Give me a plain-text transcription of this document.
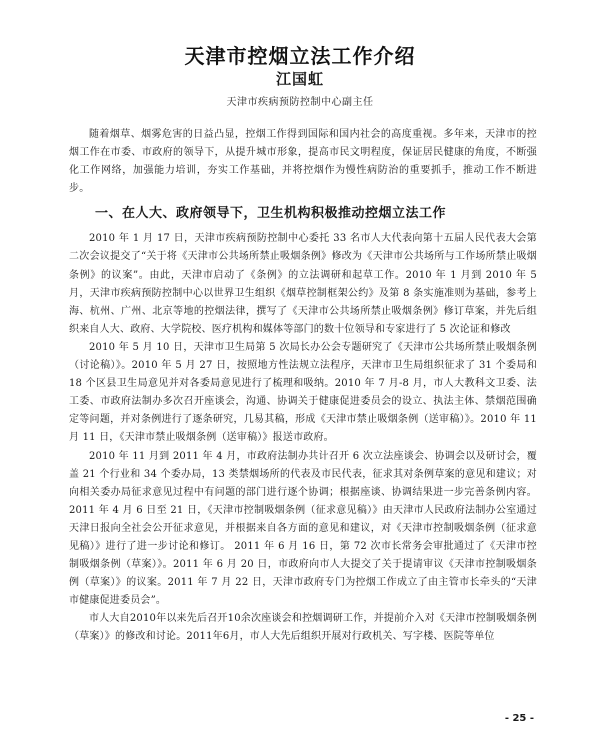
天津市控烟立法工作介绍
江国虹
天津市疾病预防控制中心副主任

随着烟草、烟雾危害的日益凸显，控烟工作得到国际和国内社会的高度重视。多年来，天津市的控烟工作在市委、市政府的领导下，从提升城市形象，提高市民文明程度，保证居民健康的角度，不断强化工作网络，加强能力培训，夯实工作基础，并将控烟作为慢性病防治的重要抓手，推动工作不断进步。

一、在人大、政府领导下，卫生机构积极推动控烟立法工作

2010 年 1 月 17 日，天津市疾病预防控制中心委托 33 名市人大代表向第十五届人民代表大会第二次会议提交了“关于将《天津市公共场所禁止吸烟条例》修改为《天津市公共场所与工作场所禁止吸烟条例》的议案”。由此，天津市启动了《条例》的立法调研和起草工作。2010 年 1 月到 2010 年 5 月，天津市疾病预防控制中心以世界卫生组织《烟草控制框架公约》及第 8 条实施准则为基础，参考上海、杭州、广州、北京等地的控烟法律，撰写了《天津市公共场所禁止吸烟条例》修订草案，并先后组织来自人大、政府、大学院校、医疗机构和媒体等部门的数十位领导和专家进行了 5 次论证和修改

2010 年 5 月 10 日，天津市卫生局第 5 次局长办公会专题研究了《天津市公共场所禁止吸烟条例（讨论稿）》。2010 年 5 月 27 日，按照地方性法规立法程序，天津市卫生局组织征求了 31 个委局和 18 个区县卫生局意见并对各委局意见进行了梳理和吸纳。2010 年 7 月-8 月，市人大教科文卫委、法工委、市政府法制办多次召开座谈会，沟通、协调关于健康促进委员会的设立、执法主体、禁烟范围确定等问题，并对条例进行了逐条研究，几易其稿，形成《天津市禁止吸烟条例（送审稿）》。2010 年 11 月 11 日，《天津市禁止吸烟条例（送审稿）》报送市政府。

2010 年 11 月到 2011 年 4 月，市政府法制办共计召开 6 次立法座谈会、协调会以及研讨会，覆盖 21 个行业和 34 个委办局，13 类禁烟场所的代表及市民代表，征求其对条例草案的意见和建议；对向相关委办局征求意见过程中有问题的部门进行逐个协调；根据座谈、协调结果进一步完善条例内容。2011 年 4 月 6 日至 21 日，《天津市控制吸烟条例（征求意见稿）》由天津市人民政府法制办公室通过天津日报向全社会公开征求意见，并根据来自各方面的意见和建议，对《天津市控制吸烟条例（征求意见稿）》进行了进一步讨论和修订。 2011 年 6 月 16 日，第 72 次市长常务会审批通过了《天津市控制吸烟条例（草案）》。2011 年 6 月 20 日，市政府向市人大提交了关于提请审议《天津市控制吸烟条例（草案）》的议案。2011 年 7 月 22 日，天津市政府专门为控烟工作成立了由主管市长牵头的“天津市健康促进委员会”。

市人大自2010年以来先后召开10余次座谈会和控烟调研工作，并提前介入对《天津市控制吸烟条例（草案）》的修改和讨论。2011年6月，市人大先后组织开展对行政机关、写字楼、医院等单位

- 25 -
